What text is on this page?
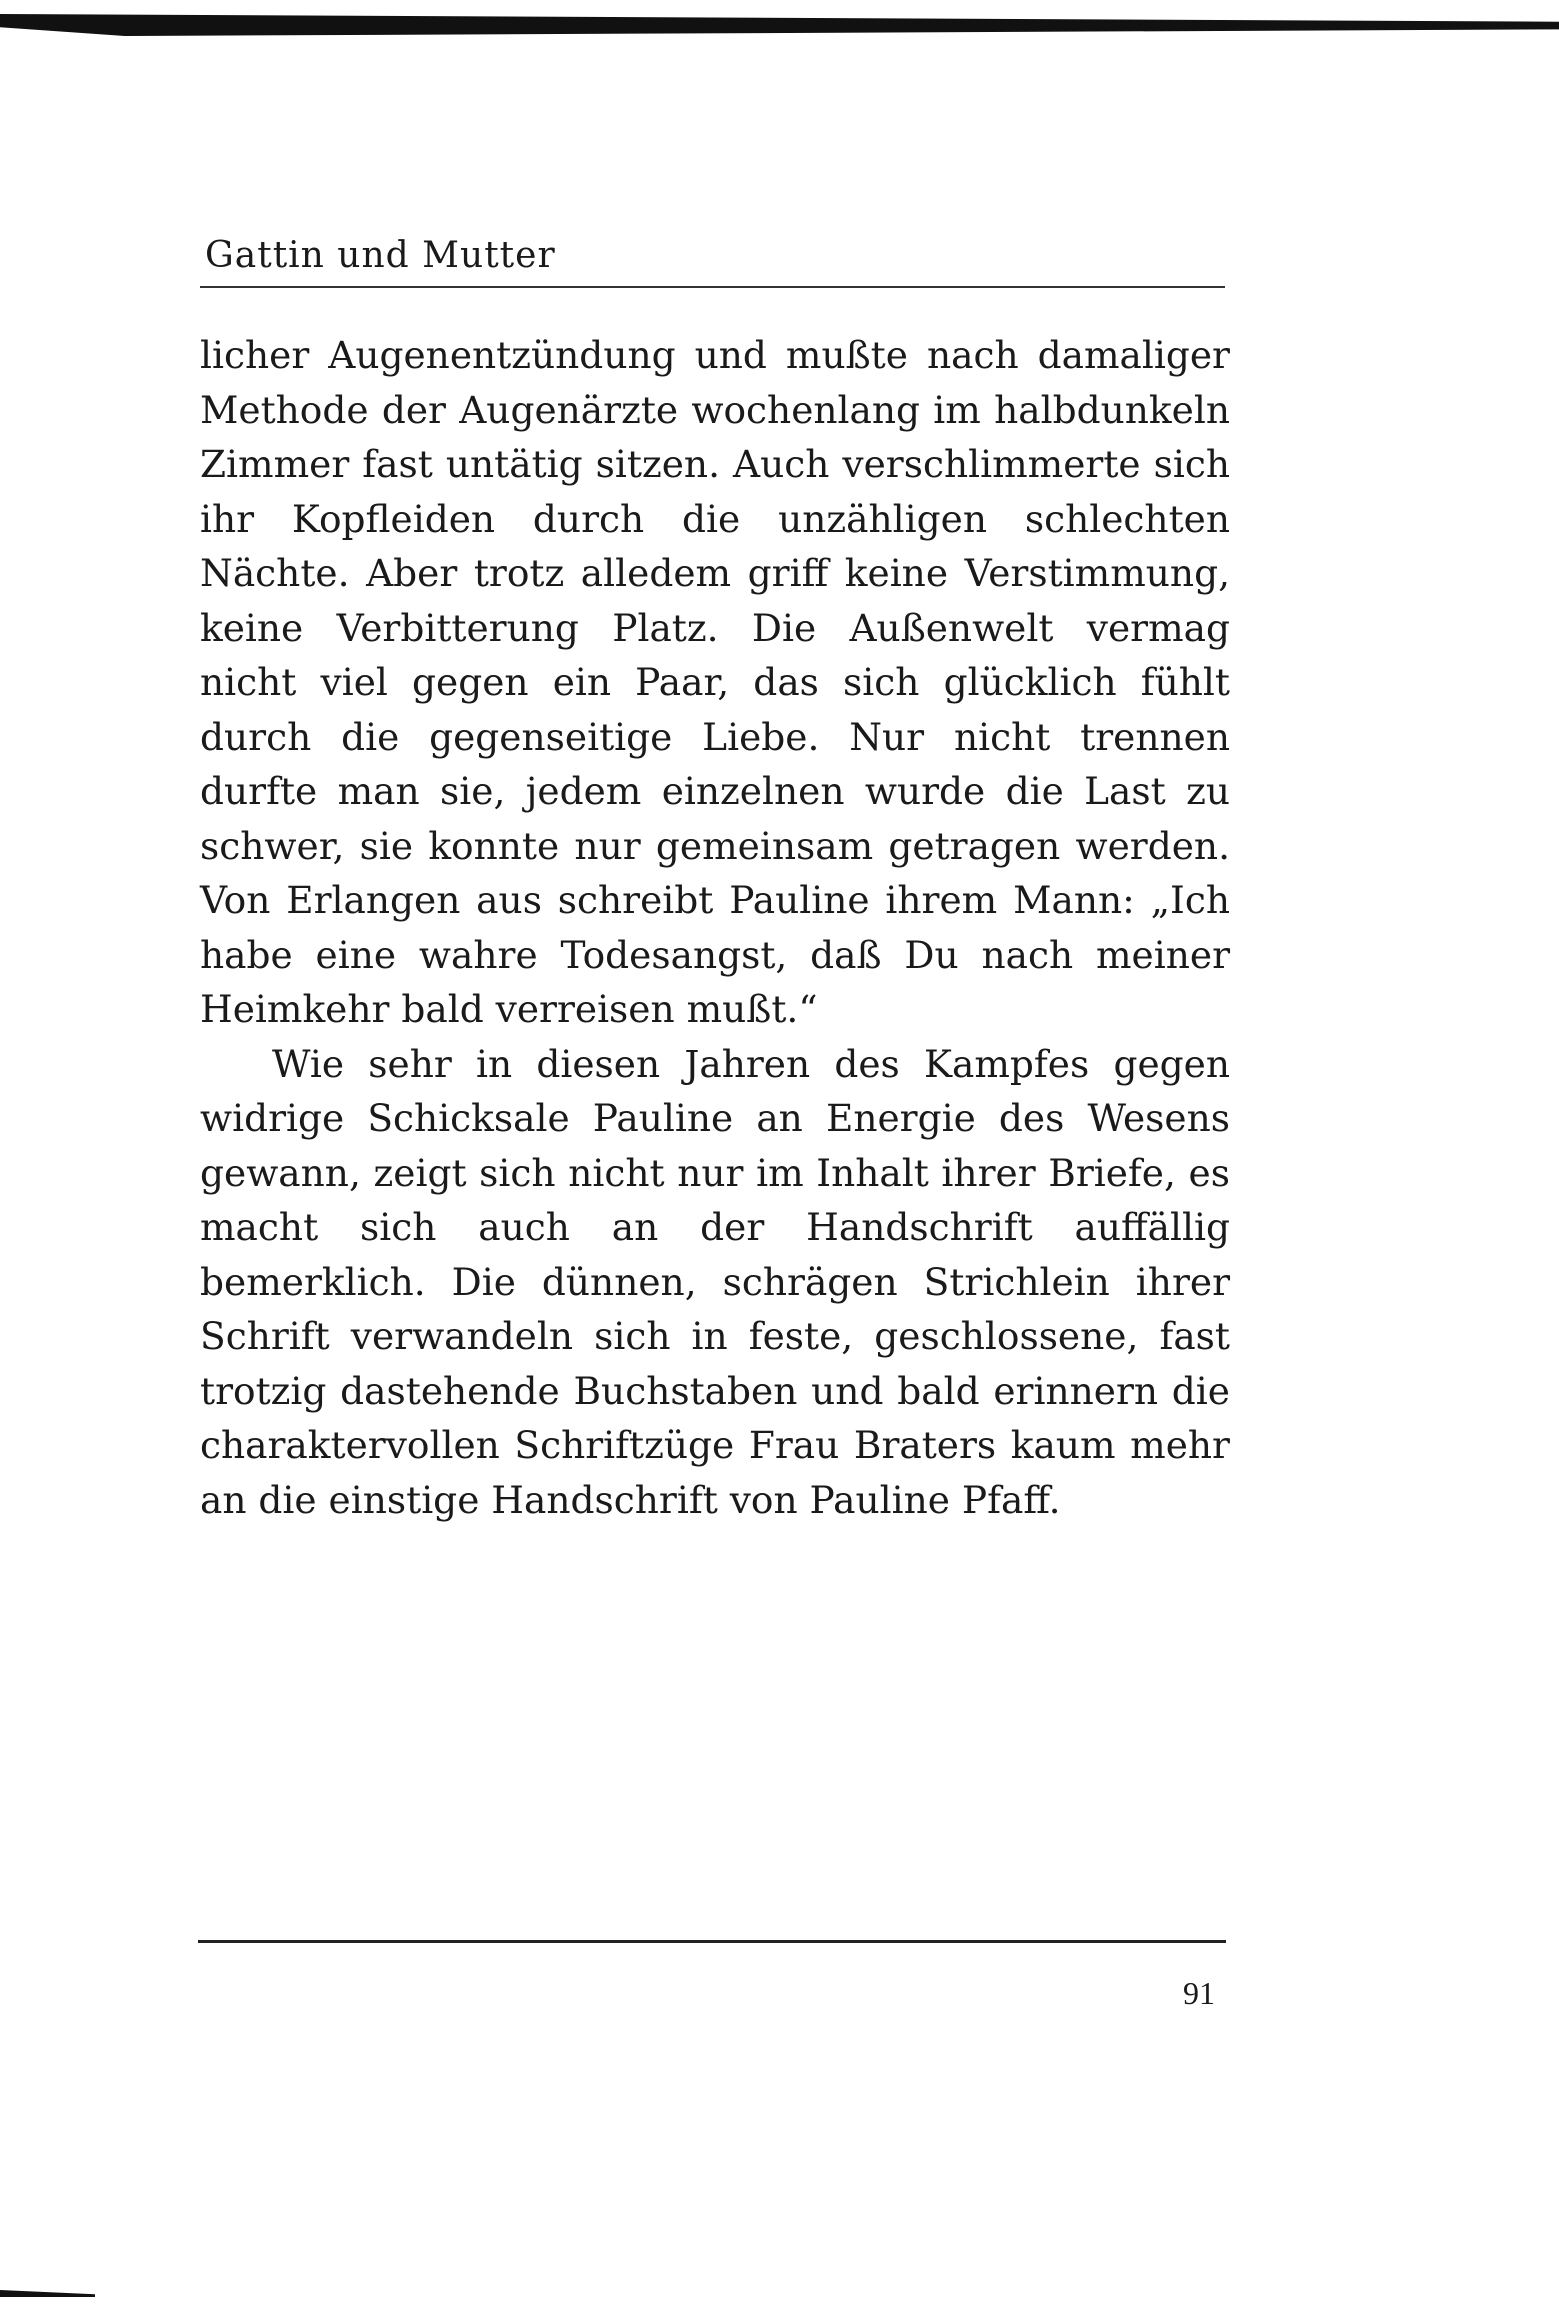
Gattin und Mutter

licher Augenentzündung und mußte nach damaliger Methode der Augenärzte wochenlang im halbdunkeln Zimmer fast untätig sitzen. Auch verschlimmerte sich ihr Kopfleiden durch die unzähligen schlechten Nächte. Aber trotz alledem griff keine Verstimmung, keine Verbitterung Platz. Die Außenwelt vermag nicht viel gegen ein Paar, das sich glücklich fühlt durch die gegenseitige Liebe. Nur nicht trennen durfte man sie, jedem einzelnen wurde die Last zu schwer, sie konnte nur gemeinsam getragen werden. Von Erlangen aus schreibt Pauline ihrem Mann: „Ich habe eine wahre Todesangst, daß Du nach meiner Heimkehr bald verreisen mußt.“

Wie sehr in diesen Jahren des Kampfes gegen widrige Schicksale Pauline an Energie des Wesens gewann, zeigt sich nicht nur im Inhalt ihrer Briefe, es macht sich auch an der Handschrift auffällig bemerklich. Die dünnen, schrägen Strichlein ihrer Schrift verwandeln sich in feste, geschlossene, fast trotzig dastehende Buchstaben und bald erinnern die charaktervollen Schriftzüge Frau Braters kaum mehr an die einstige Handschrift von Pauline Pfaff.

91
